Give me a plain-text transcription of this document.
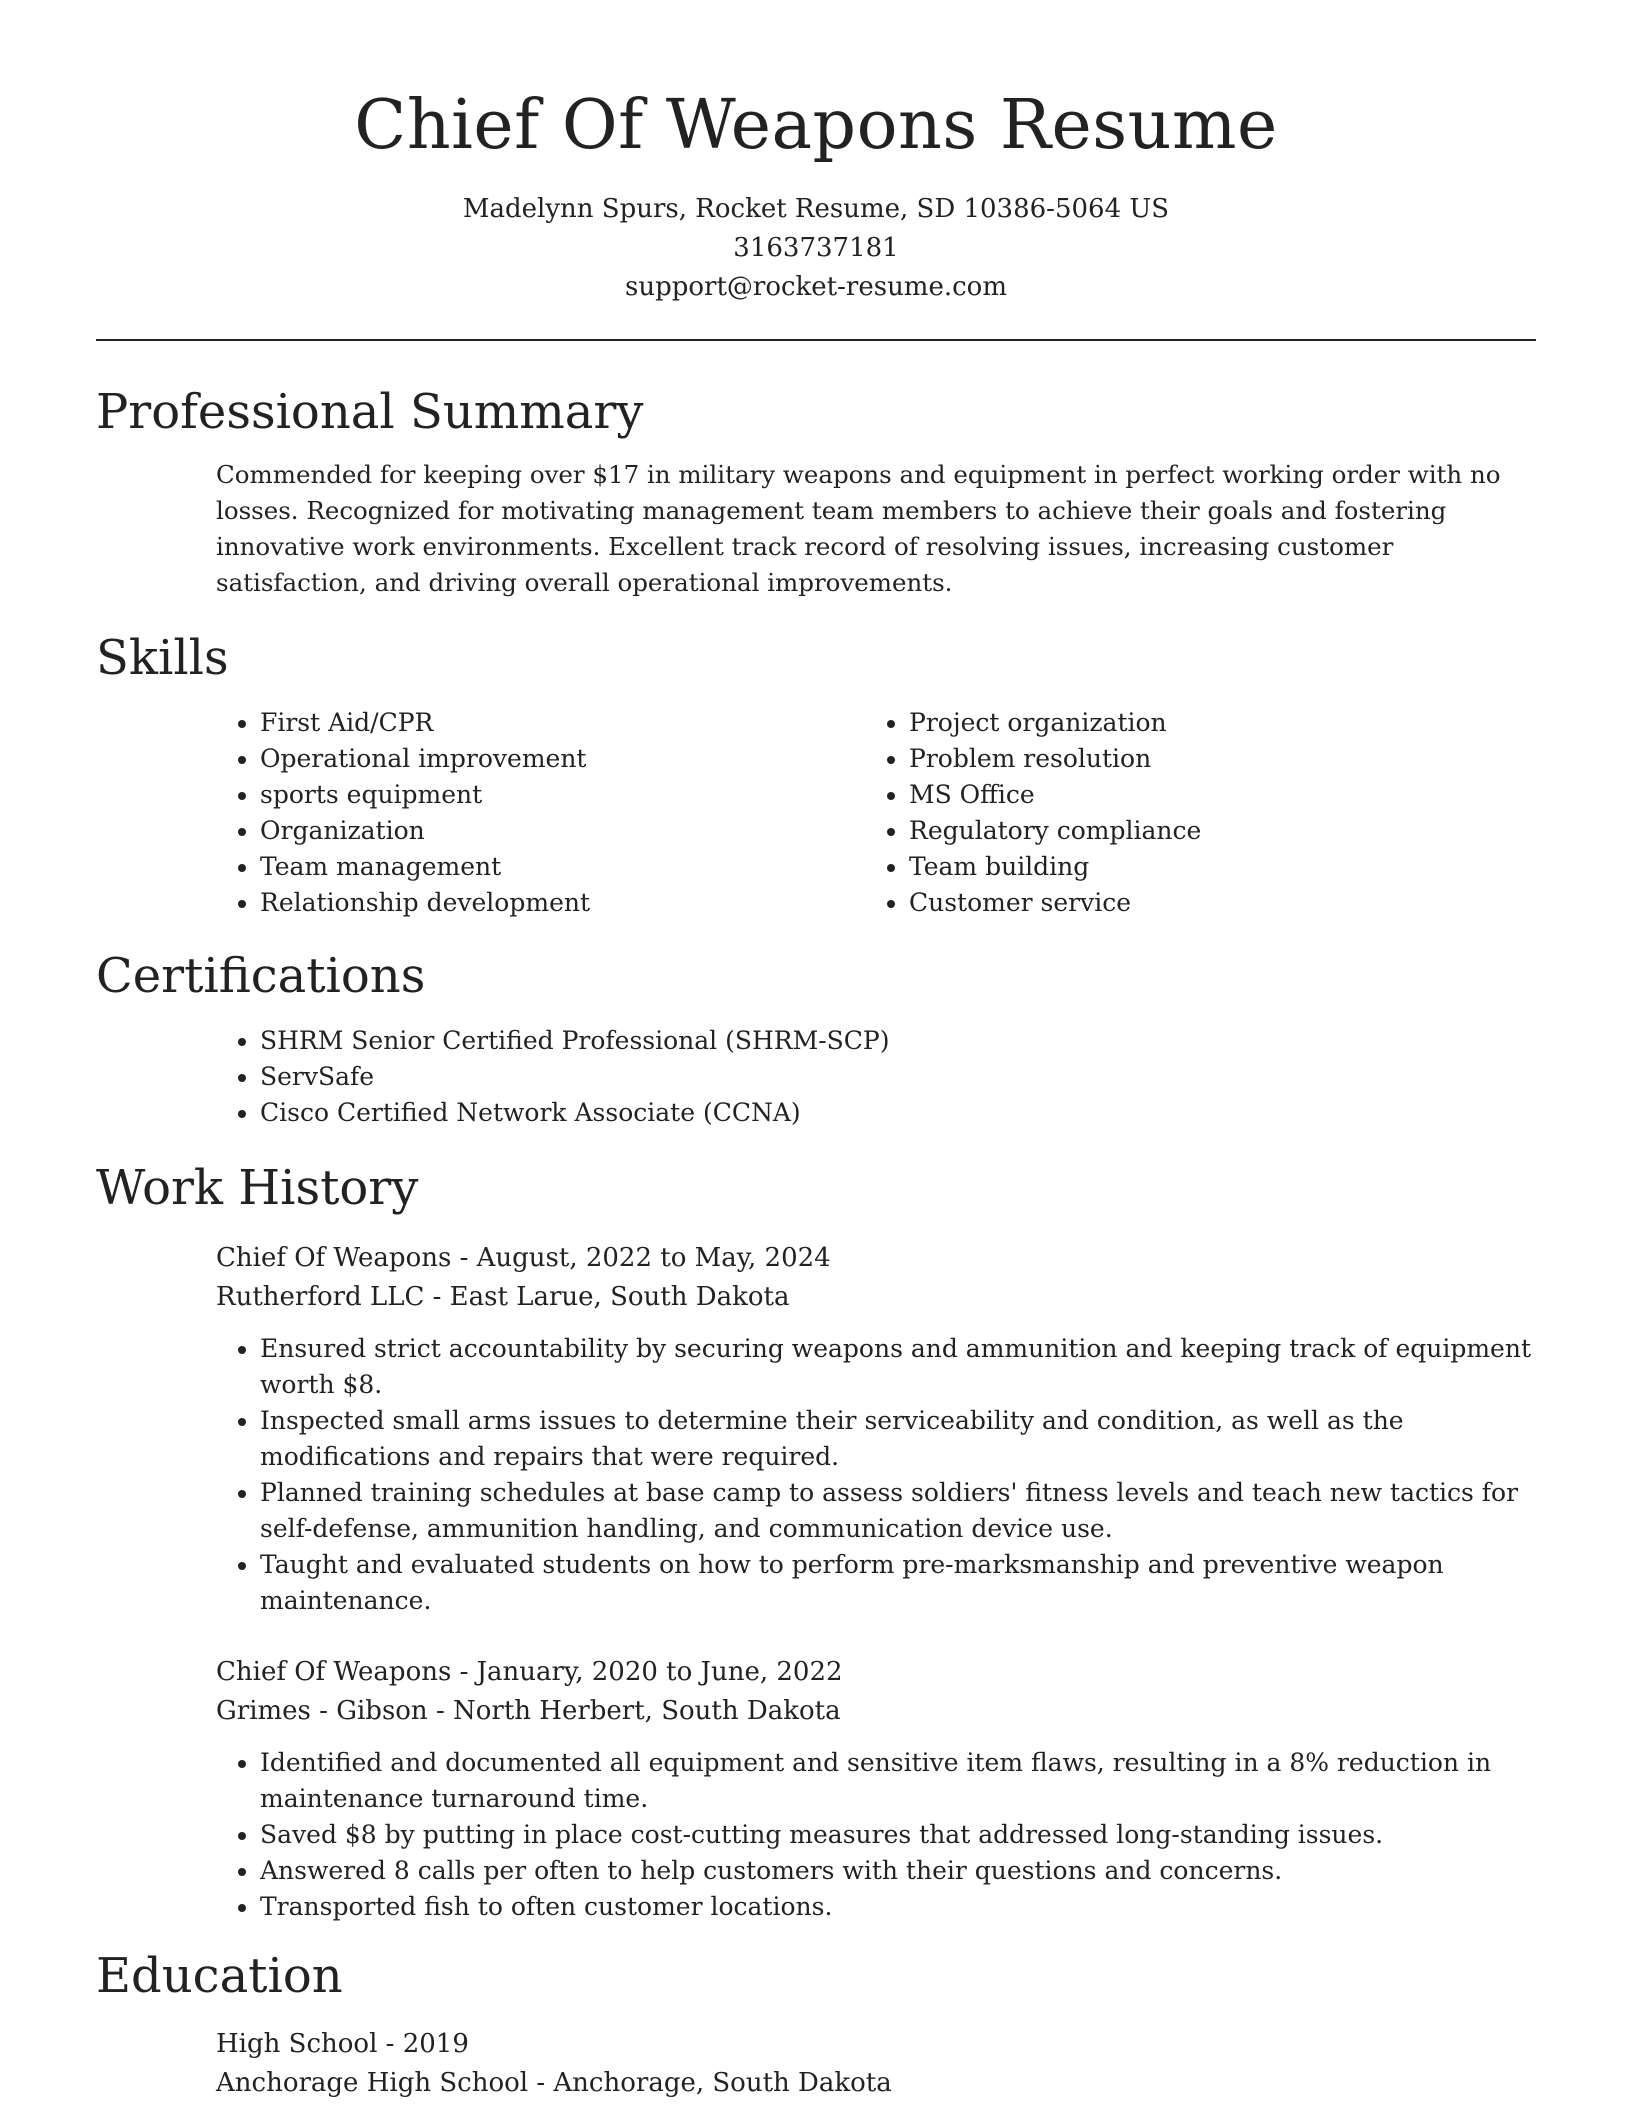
Chief Of Weapons Resume
Madelynn Spurs, Rocket Resume, SD 10386-5064 US
3163737181
support@rocket-resume.com
Professional Summary
Commended for keeping over $17 in military weapons and equipment in perfect working order with no losses. Recognized for motivating management team members to achieve their goals and fostering innovative work environments. Excellent track record of resolving issues, increasing customer satisfaction, and driving overall operational improvements.
Skills
• First Aid/CPR
• Operational improvement
• sports equipment
• Organization
• Team management
• Relationship development
• Project organization
• Problem resolution
• MS Office
• Regulatory compliance
• Team building
• Customer service
Certifications
• SHRM Senior Certified Professional (SHRM-SCP)
• ServSafe
• Cisco Certified Network Associate (CCNA)
Work History
Chief Of Weapons - August, 2022 to May, 2024
Rutherford LLC - East Larue, South Dakota
• Ensured strict accountability by securing weapons and ammunition and keeping track of equipment worth $8.
• Inspected small arms issues to determine their serviceability and condition, as well as the modifications and repairs that were required.
• Planned training schedules at base camp to assess soldiers' fitness levels and teach new tactics for self-defense, ammunition handling, and communication device use.
• Taught and evaluated students on how to perform pre-marksmanship and preventive weapon maintenance.
Chief Of Weapons - January, 2020 to June, 2022
Grimes - Gibson - North Herbert, South Dakota
• Identified and documented all equipment and sensitive item flaws, resulting in a 8% reduction in maintenance turnaround time.
• Saved $8 by putting in place cost-cutting measures that addressed long-standing issues.
• Answered 8 calls per often to help customers with their questions and concerns.
• Transported fish to often customer locations.
Education
High School - 2019
Anchorage High School - Anchorage, South Dakota
